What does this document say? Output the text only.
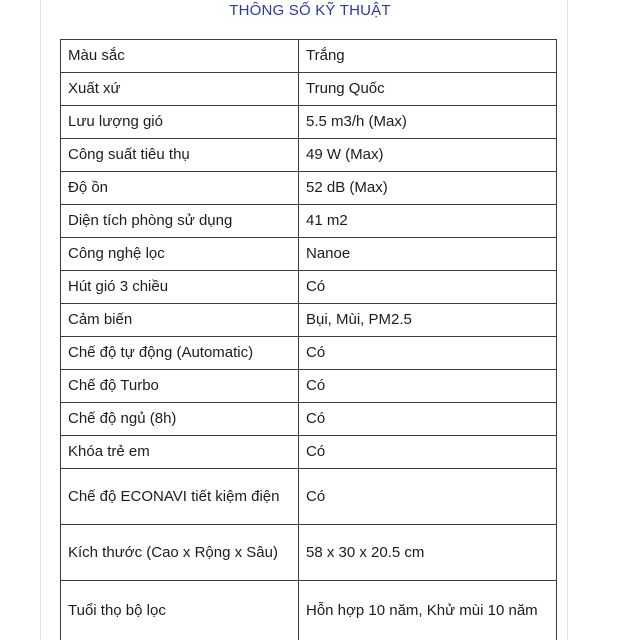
THÔNG SỐ KỸ THUẬT
Màu sắc	Trắng
Xuất xứ	Trung Quốc
Lưu lượng gió	5.5 m3/h (Max)
Công suất tiêu thụ	49 W (Max)
Độ ồn	52 dB (Max)
Diện tích phòng sử dụng	41 m2
Công nghệ lọc	Nanoe
Hút gió 3 chiều	Có
Cảm biến	Bụi, Mùi, PM2.5
Chế độ tự động (Automatic)	Có
Chế độ Turbo	Có
Chế độ ngủ (8h)	Có
Khóa trẻ em	Có
Chế độ ECONAVI tiết kiệm điện	Có
Kích thước (Cao x Rộng x Sâu)	58 x 30 x 20.5 cm
Tuổi thọ bộ lọc	Hỗn hợp 10 năm, Khử mùi 10 năm
